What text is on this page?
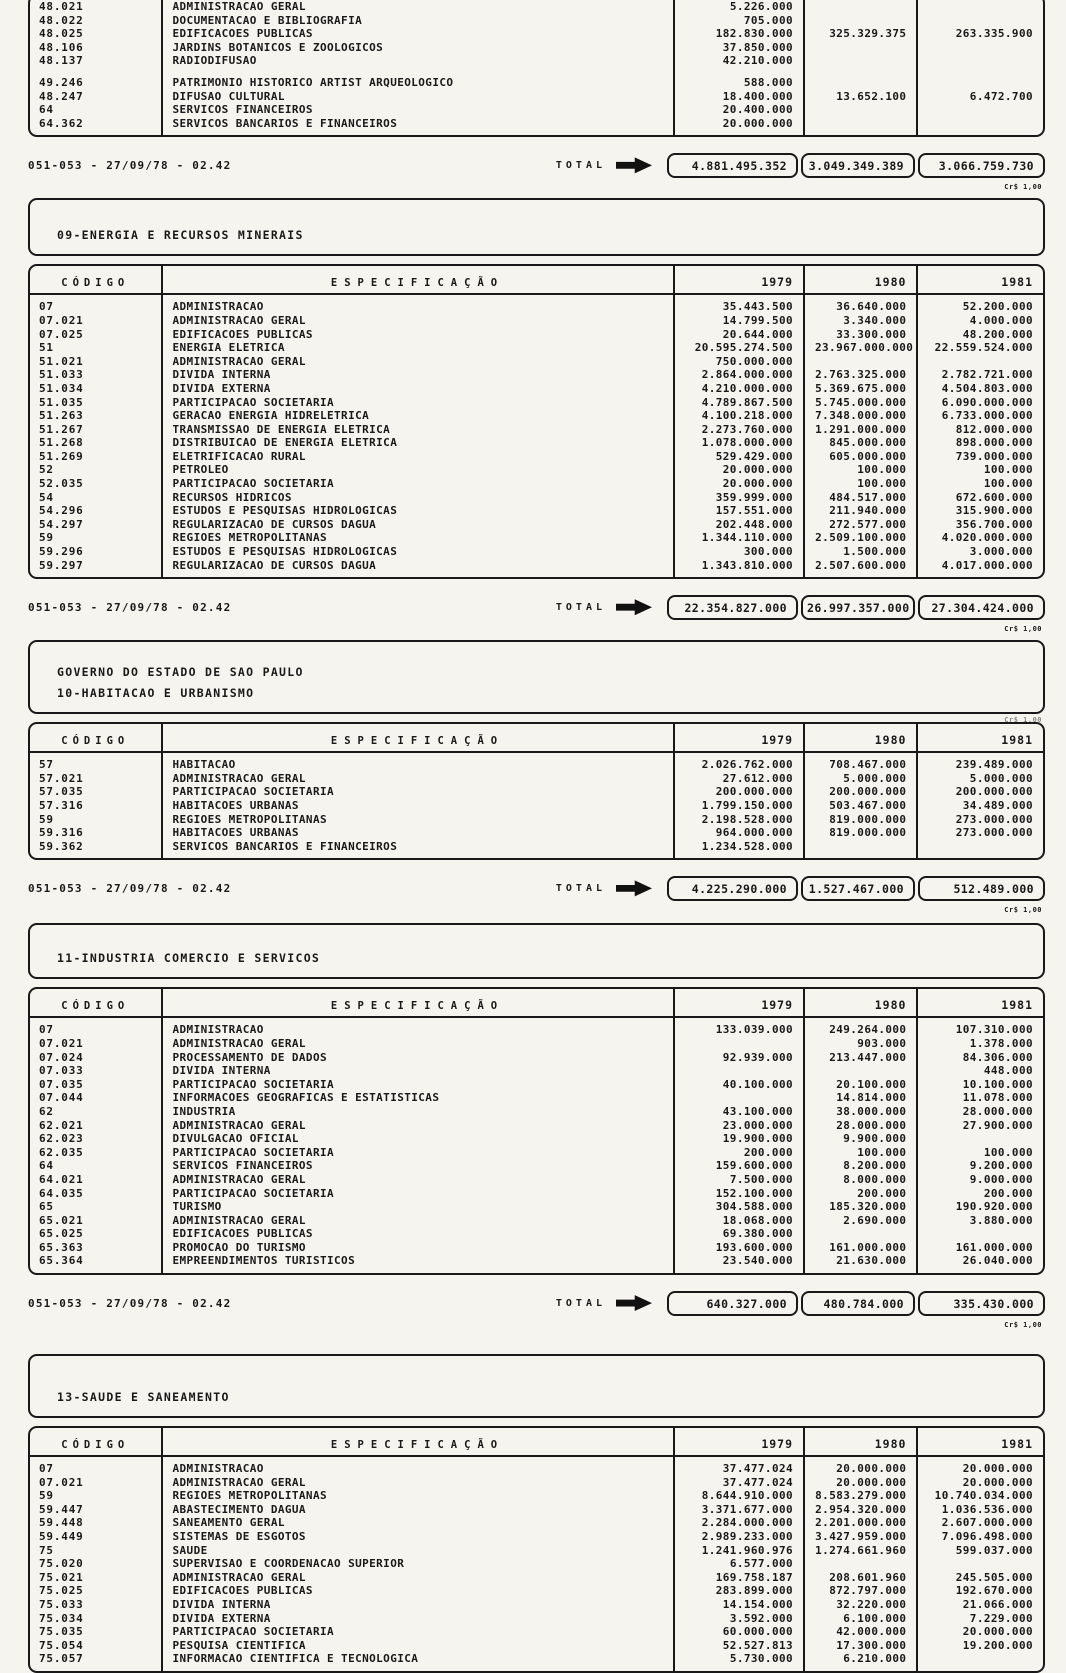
48.021	ADMINISTRACAO GERAL	5.226.000		
48.022	DOCUMENTACAO E BIBLIOGRAFIA	705.000		
48.025	EDIFICACOES PUBLICAS	182.830.000	325.329.375	263.335.900
48.106	JARDINS BOTANICOS E ZOOLOGICOS	37.850.000		
48.137	RADIODIFUSAO	42.210.000		
49.246	PATRIMONIO HISTORICO ARTIST ARQUEOLOGICO	588.000		
48.247	DIFUSAO CULTURAL	18.400.000	13.652.100	6.472.700
64	SERVICOS FINANCEIROS	20.400.000		
64.362	SERVICOS BANCARIOS E FINANCEIROS	20.000.000		
051-053 - 27/09/78 - 02.42	TOTAL	4.881.495.352	3.049.349.389	3.066.759.730
Cr$ 1,00
09-ENERGIA E RECURSOS MINERAIS
CÓDIGO	ESPECIFICAÇÃO	1979	1980	1981
07	ADMINISTRACAO	35.443.500	36.640.000	52.200.000
07.021	ADMINISTRACAO GERAL	14.799.500	3.340.000	4.000.000
07.025	EDIFICACOES PUBLICAS	20.644.000	33.300.000	48.200.000
51	ENERGIA ELETRICA	20.595.274.500	23.967.000.000	22.559.524.000
51.021	ADMINISTRACAO GERAL	750.000.000		
51.033	DIVIDA INTERNA	2.864.000.000	2.763.325.000	2.782.721.000
51.034	DIVIDA EXTERNA	4.210.000.000	5.369.675.000	4.504.803.000
51.035	PARTICIPACAO SOCIETARIA	4.789.867.500	5.745.000.000	6.090.000.000
51.263	GERACAO ENERGIA HIDRELETRICA	4.100.218.000	7.348.000.000	6.733.000.000
51.267	TRANSMISSAO DE ENERGIA ELETRICA	2.273.760.000	1.291.000.000	812.000.000
51.268	DISTRIBUICAO DE ENERGIA ELETRICA	1.078.000.000	845.000.000	898.000.000
51.269	ELETRIFICACAO RURAL	529.429.000	605.000.000	739.000.000
52	PETROLEO	20.000.000	100.000	100.000
52.035	PARTICIPACAO SOCIETARIA	20.000.000	100.000	100.000
54	RECURSOS HIDRICOS	359.999.000	484.517.000	672.600.000
54.296	ESTUDOS E PESQUISAS HIDROLOGICAS	157.551.000	211.940.000	315.900.000
54.297	REGULARIZACAO DE CURSOS DAGUA	202.448.000	272.577.000	356.700.000
59	REGIOES METROPOLITANAS	1.344.110.000	2.509.100.000	4.020.000.000
59.296	ESTUDOS E PESQUISAS HIDROLOGICAS	300.000	1.500.000	3.000.000
59.297	REGULARIZACAO DE CURSOS DAGUA	1.343.810.000	2.507.600.000	4.017.000.000
051-053 - 27/09/78 - 02.42	TOTAL	22.354.827.000	26.997.357.000	27.304.424.000
Cr$ 1,00
GOVERNO DO ESTADO DE SAO PAULO
10-HABITACAO E URBANISMO
Cr$ 1,00
CÓDIGO	ESPECIFICAÇÃO	1979	1980	1981
57	HABITACAO	2.026.762.000	708.467.000	239.489.000
57.021	ADMINISTRACAO GERAL	27.612.000	5.000.000	5.000.000
57.035	PARTICIPACAO SOCIETARIA	200.000.000	200.000.000	200.000.000
57.316	HABITACOES URBANAS	1.799.150.000	503.467.000	34.489.000
59	REGIOES METROPOLITANAS	2.198.528.000	819.000.000	273.000.000
59.316	HABITACOES URBANAS	964.000.000	819.000.000	273.000.000
59.362	SERVICOS BANCARIOS E FINANCEIROS	1.234.528.000		
051-053 - 27/09/78 - 02.42	TOTAL	4.225.290.000	1.527.467.000	512.489.000
Cr$ 1,00
11-INDUSTRIA COMERCIO E SERVICOS
CÓDIGO	ESPECIFICAÇÃO	1979	1980	1981
07	ADMINISTRACAO	133.039.000	249.264.000	107.310.000
07.021	ADMINISTRACAO GERAL		903.000	1.378.000
07.024	PROCESSAMENTO DE DADOS	92.939.000	213.447.000	84.306.000
07.033	DIVIDA INTERNA			448.000
07.035	PARTICIPACAO SOCIETARIA	40.100.000	20.100.000	10.100.000
07.044	INFORMACOES GEOGRAFICAS E ESTATISTICAS		14.814.000	11.078.000
62	INDUSTRIA	43.100.000	38.000.000	28.000.000
62.021	ADMINISTRACAO GERAL	23.000.000	28.000.000	27.900.000
62.023	DIVULGACAO OFICIAL	19.900.000	9.900.000	
62.035	PARTICIPACAO SOCIETARIA	200.000	100.000	100.000
64	SERVICOS FINANCEIROS	159.600.000	8.200.000	9.200.000
64.021	ADMINISTRACAO GERAL	7.500.000	8.000.000	9.000.000
64.035	PARTICIPACAO SOCIETARIA	152.100.000	200.000	200.000
65	TURISMO	304.588.000	185.320.000	190.920.000
65.021	ADMINISTRACAO GERAL	18.068.000	2.690.000	3.880.000
65.025	EDIFICACOES PUBLICAS	69.380.000		
65.363	PROMOCAO DO TURISMO	193.600.000	161.000.000	161.000.000
65.364	EMPREENDIMENTOS TURISTICOS	23.540.000	21.630.000	26.040.000
051-053 - 27/09/78 - 02.42	TOTAL	640.327.000	480.784.000	335.430.000
Cr$ 1,00
13-SAUDE E SANEAMENTO
CÓDIGO	ESPECIFICAÇÃO	1979	1980	1981
07	ADMINISTRACAO	37.477.024	20.000.000	20.000.000
07.021	ADMINISTRACAO GERAL	37.477.024	20.000.000	20.000.000
59	REGIOES METROPOLITANAS	8.644.910.000	8.583.279.000	10.740.034.000
59.447	ABASTECIMENTO DAGUA	3.371.677.000	2.954.320.000	1.036.536.000
59.448	SANEAMENTO GERAL	2.284.000.000	2.201.000.000	2.607.000.000
59.449	SISTEMAS DE ESGOTOS	2.989.233.000	3.427.959.000	7.096.498.000
75	SAUDE	1.241.960.976	1.274.661.960	599.037.000
75.020	SUPERVISAO E COORDENACAO SUPERIOR	6.577.000		
75.021	ADMINISTRACAO GERAL	169.758.187	208.601.960	245.505.000
75.025	EDIFICACOES PUBLICAS	283.899.000	872.797.000	192.670.000
75.033	DIVIDA INTERNA	14.154.000	32.220.000	21.066.000
75.034	DIVIDA EXTERNA	3.592.000	6.100.000	7.229.000
75.035	PARTICIPACAO SOCIETARIA	60.000.000	42.000.000	20.000.000
75.054	PESQUISA CIENTIFICA	52.527.813	17.300.000	19.200.000
75.057	INFORMACAO CIENTIFICA E TECNOLOGICA	5.730.000	6.210.000	
